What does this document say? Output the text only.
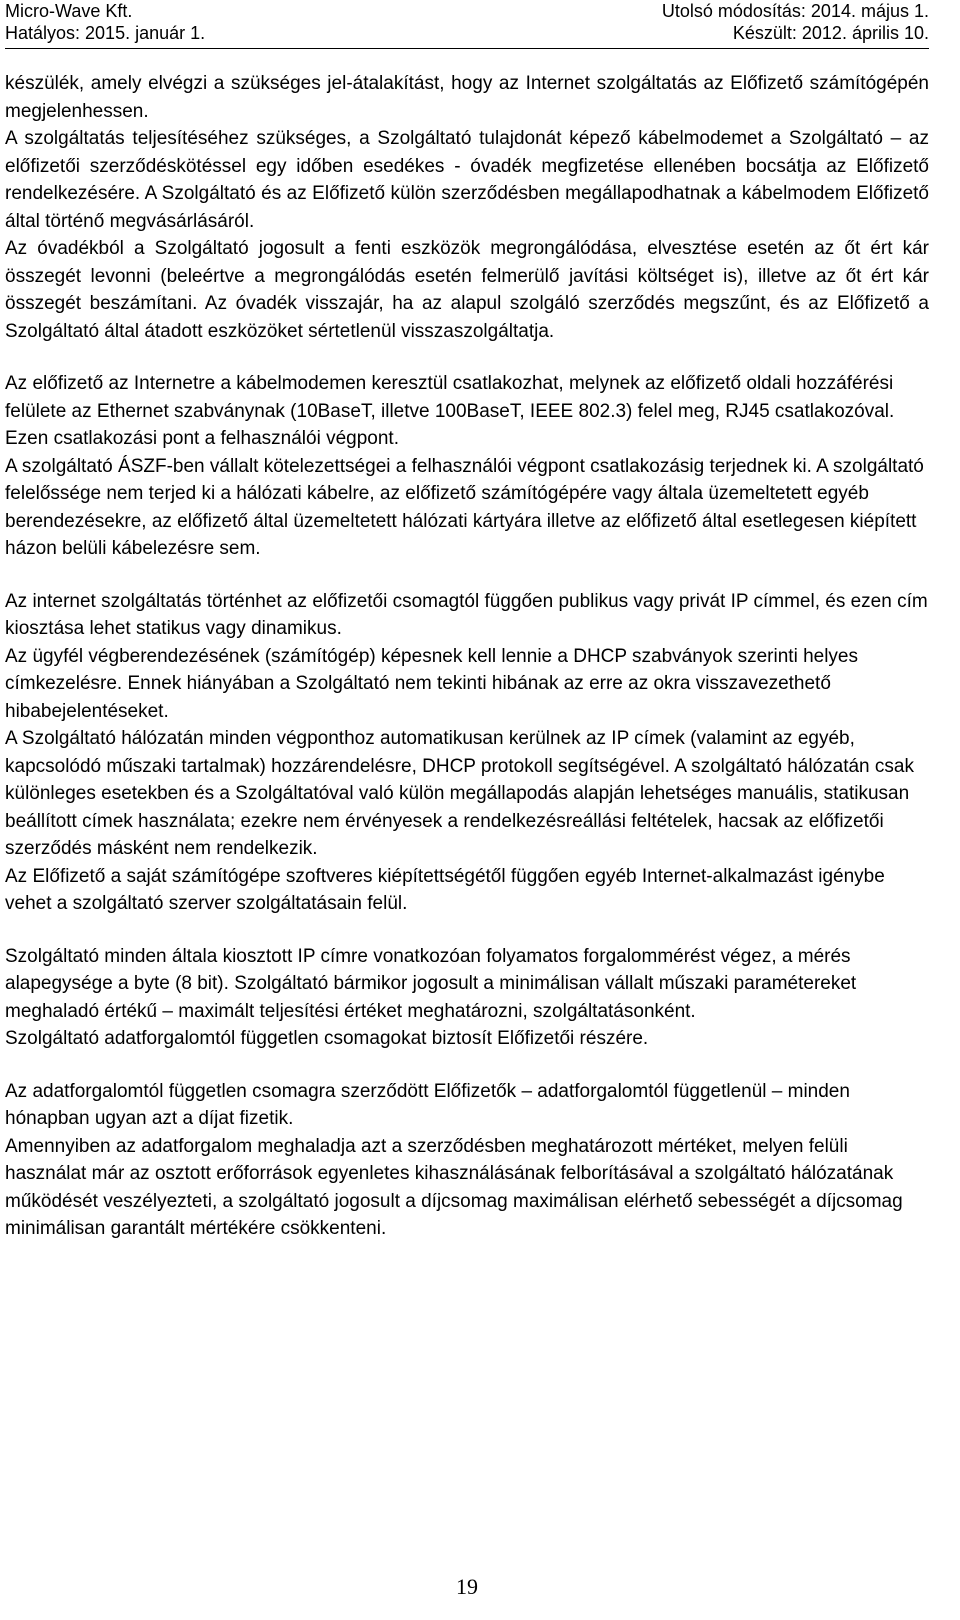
Micro-Wave Kft.	Utolsó módosítás: 2014. május 1.
Hatályos: 2015. január 1.	Készült: 2012. április 10.

készülék, amely elvégzi a szükséges jel-átalakítást, hogy az Internet szolgáltatás az Előfizető számítógépén megjelenhessen.

A szolgáltatás teljesítéséhez szükséges, a Szolgáltató tulajdonát képező kábelmodemet a Szolgáltató – az előfizetői szerződéskötéssel egy időben esedékes - óvadék megfizetése ellenében bocsátja az Előfizető rendelkezésére. A Szolgáltató és az Előfizető külön szerződésben megállapodhatnak a kábelmodem Előfizető által történő megvásárlásáról.

Az óvadékból a Szolgáltató jogosult a fenti eszközök megrongálódása, elvesztése esetén az őt ért kár összegét levonni (beleértve a megrongálódás esetén felmerülő javítási költséget is), illetve az őt ért kár összegét beszámítani. Az óvadék visszajár, ha az alapul szolgáló szerződés megszűnt, és az Előfizető a Szolgáltató által átadott eszközöket sértetlenül visszaszolgáltatja.

Az előfizető az Internetre a kábelmodemen keresztül csatlakozhat, melynek az előfizető oldali hozzáférési felülete az Ethernet szabványnak (10BaseT, illetve 100BaseT, IEEE 802.3) felel meg, RJ45 csatlakozóval. Ezen csatlakozási pont a felhasználói végpont.

A szolgáltató ÁSZF-ben vállalt kötelezettségei a felhasználói végpont csatlakozásig terjednek ki. A szolgáltató felelőssége nem terjed ki a hálózati kábelre, az előfizető számítógépére vagy általa üzemeltetett egyéb berendezésekre, az előfizető által üzemeltetett hálózati kártyára illetve az előfizető által esetlegesen kiépített házon belüli kábelezésre sem.

Az internet szolgáltatás történhet az előfizetői csomagtól függően publikus vagy privát IP címmel, és ezen cím kiosztása lehet statikus vagy dinamikus.

Az ügyfél végberendezésének (számítógép) képesnek kell lennie a DHCP szabványok szerinti helyes címkezelésre. Ennek hiányában a Szolgáltató nem tekinti hibának az erre az okra visszavezethető hibabejelentéseket.

A Szolgáltató hálózatán minden végponthoz automatikusan kerülnek az IP címek (valamint az egyéb, kapcsolódó műszaki tartalmak) hozzárendelésre, DHCP protokoll segítségével. A szolgáltató hálózatán csak különleges esetekben és a Szolgáltatóval való külön megállapodás alapján lehetséges manuális, statikusan beállított címek használata; ezekre nem érvényesek a rendelkezésreállási feltételek, hacsak az előfizetői szerződés másként nem rendelkezik.

Az Előfizető a saját számítógépe szoftveres kiépítettségétől függően egyéb Internet-alkalmazást igénybe vehet a szolgáltató szerver szolgáltatásain felül.

Szolgáltató minden általa kiosztott IP címre vonatkozóan folyamatos forgalommérést végez, a mérés alapegysége a byte (8 bit). Szolgáltató bármikor jogosult a minimálisan vállalt műszaki paramétereket meghaladó értékű – maximált teljesítési értéket meghatározni, szolgáltatásonként.

Szolgáltató adatforgalomtól független csomagokat biztosít Előfizetői részére.

Az adatforgalomtól független csomagra szerződött Előfizetők – adatforgalomtól függetlenül – minden hónapban ugyan azt a díjat fizetik.

Amennyiben az adatforgalom meghaladja azt a szerződésben meghatározott mértéket, melyen felüli használat már az osztott erőforrások egyenletes kihasználásának felborításával a szolgáltató hálózatának működését veszélyezteti, a szolgáltató jogosult a díjcsomag maximálisan elérhető sebességét a díjcsomag minimálisan garantált mértékére csökkenteni.

19
